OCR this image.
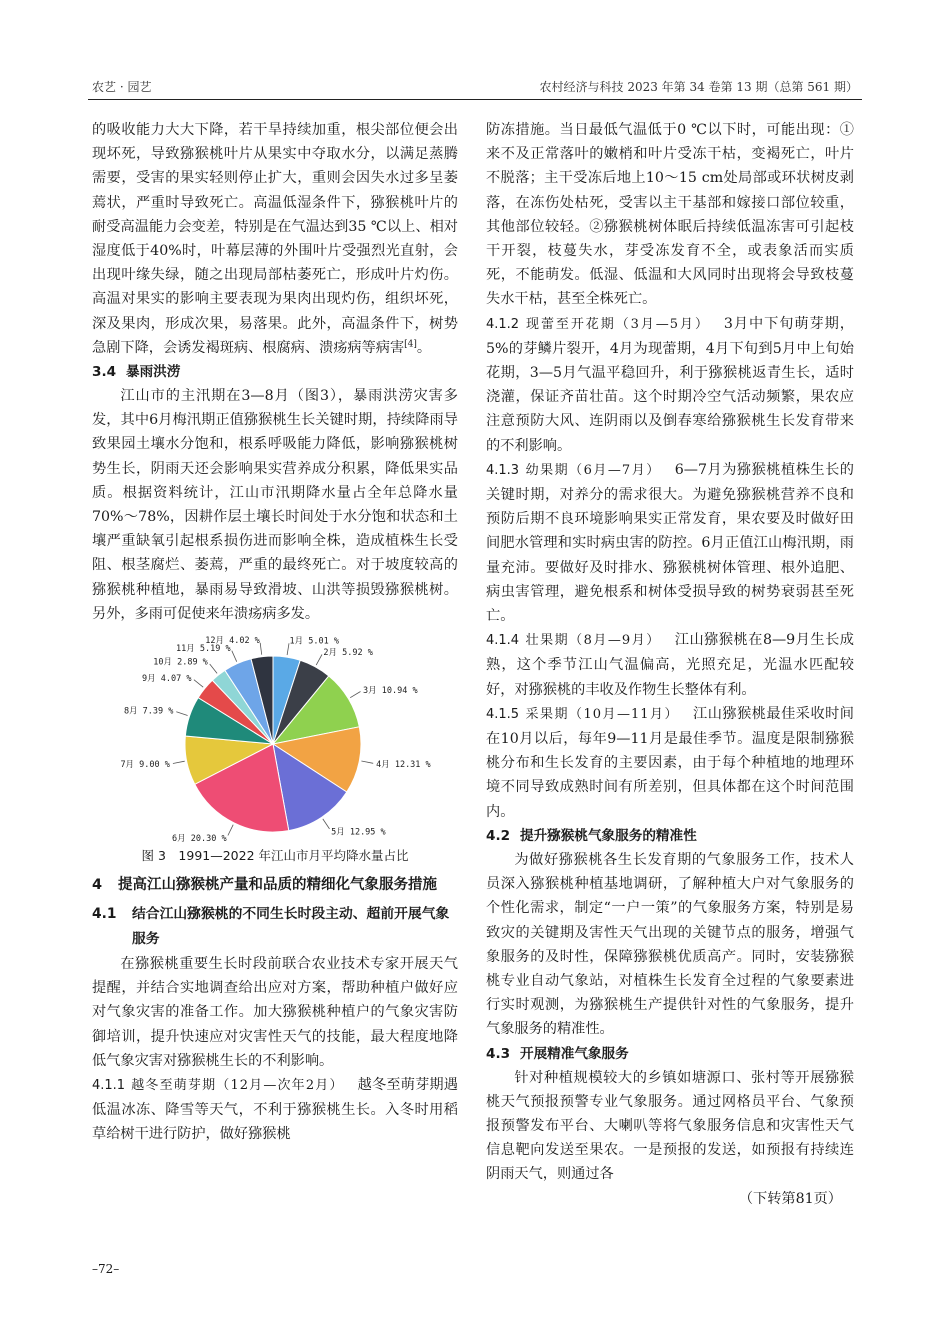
农艺 · 园艺	农村经济与科技 2023 年第 34 卷第 13 期（总第 561 期）

的吸收能力大大下降，若干旱持续加重，根尖部位便会出现坏死，导致猕猴桃叶片从果实中夺取水分，以满足蒸腾需要，受害的果实轻则停止扩大，重则会因失水过多呈萎蔫状，严重时导致死亡。高温低湿条件下，猕猴桃叶片的耐受高温能力会变差，特别是在气温达到35 ℃以上、相对湿度低于40%时，叶幕层薄的外围叶片受强烈光直射，会出现叶缘失绿，随之出现局部枯萎死亡，形成叶片灼伤。高温对果实的影响主要表现为果肉出现灼伤，组织坏死，深及果肉，形成次果，易落果。此外，高温条件下，树势急剧下降，会诱发褐斑病、根腐病、溃疡病等病害[4]。

3.4 暴雨洪涝

江山市的主汛期在3—8月（图3），暴雨洪涝灾害多发，其中6月梅汛期正值猕猴桃生长关键时期，持续降雨导致果园土壤水分饱和，根系呼吸能力降低，影响猕猴桃树势生长，阴雨天还会影响果实营养成分积累，降低果实品质。根据资料统计，江山市汛期降水量占全年总降水量70%～78%，因耕作层土壤长时间处于水分饱和状态和土壤严重缺氧引起根系损伤进而影响全株，造成植株生长受阻、根茎腐烂、萎蔫，严重的最终死亡。对于坡度较高的猕猴桃种植地，暴雨易导致滑坡、山洪等损毁猕猴桃树。另外，多雨可促使来年溃疡病多发。

1月 5.01 %
2月 5.92 %
3月 10.94 %
4月 12.31 %
5月 12.95 %
6月 20.30 %
7月 9.00 %
8月 7.39 %
9月 4.07 %
10月 2.89 %
11月 5.19 %
12月 4.02 %
图 3　1991—2022 年江山市月平均降水量占比
4	提高江山猕猴桃产量和品质的精细化气象服务措施
4.1	结合江山猕猴桃的不同生长时段主动、超前开展气象服务

在猕猴桃重要生长时段前联合农业技术专家开展天气提醒，并结合实地调查给出应对方案，帮助种植户做好应对气象灾害的准备工作。加大猕猴桃种植户的气象灾害防御培训，提升快速应对灾害性天气的技能，最大程度地降低气象灾害对猕猴桃生长的不利影响。

4.1.1 越冬至萌芽期（12月—次年2月） 越冬至萌芽期遇低温冰冻、降雪等天气，不利于猕猴桃生长。入冬时用稻草给树干进行防护，做好猕猴桃

防冻措施。当日最低气温低于0 ℃以下时，可能出现：①来不及正常落叶的嫩梢和叶片受冻干枯，变褐死亡，叶片不脱落；主干受冻后地上10～15 cm处局部或环状树皮剥落，在冻伤处枯死，受害以主干基部和嫁接口部位较重，其他部位较轻。②猕猴桃树体眠后持续低温冻害可引起枝干开裂，枝蔓失水，芽受冻发育不全，或表象活而实质死，不能萌发。低湿、低温和大风同时出现将会导致枝蔓失水干枯，甚至全株死亡。

4.1.2 现蕾至开花期（3月—5月） 3月中下旬萌芽期，5%的芽鳞片裂开，4月为现蕾期，4月下旬到5月中上旬始花期，3—5月气温平稳回升，利于猕猴桃返青生长，适时浇灌，保证齐苗壮苗。这个时期冷空气活动频繁，果农应注意预防大风、连阴雨以及倒春寒给猕猴桃生长发育带来的不利影响。

4.1.3 幼果期（6月—7月） 6—7月为猕猴桃植株生长的关键时期，对养分的需求很大。为避免猕猴桃营养不良和预防后期不良环境影响果实正常发育，果农要及时做好田间肥水管理和实时病虫害的防控。6月正值江山梅汛期，雨量充沛。要做好及时排水、猕猴桃树体管理、根外追肥、病虫害管理，避免根系和树体受损导致的树势衰弱甚至死亡。

4.1.4 壮果期（8月—9月） 江山猕猴桃在8—9月生长成熟，这个季节江山气温偏高，光照充足，光温水匹配较好，对猕猴桃的丰收及作物生长整体有利。

4.1.5 采果期（10月—11月） 江山猕猴桃最佳采收时间在10月以后，每年9—11月是最佳季节。温度是限制猕猴桃分布和生长发育的主要因素，由于每个种植地的地理环境不同导致成熟时间有所差别，但具体都在这个时间范围内。

4.2 提升猕猴桃气象服务的精准性

为做好猕猴桃各生长发育期的气象服务工作，技术人员深入猕猴桃种植基地调研，了解种植大户对气象服务的个性化需求，制定“一户一策”的气象服务方案，特别是易致灾的关键期及害性天气出现的关键节点的服务，增强气象服务的及时性，保障猕猴桃优质高产。同时，安装猕猴桃专业自动气象站，对植株生长发育全过程的气象要素进行实时观测，为猕猴桃生产提供针对性的气象服务，提升气象服务的精准性。

4.3 开展精准气象服务

针对种植规模较大的乡镇如塘源口、张村等开展猕猴桃天气预报预警专业气象服务。通过网格员平台、气象预报预警发布平台、大喇叭等将气象服务信息和灾害性天气信息靶向发送至果农。一是预报的发送，如预报有持续连阴雨天气，则通过各

（下转第81页）
–72–
